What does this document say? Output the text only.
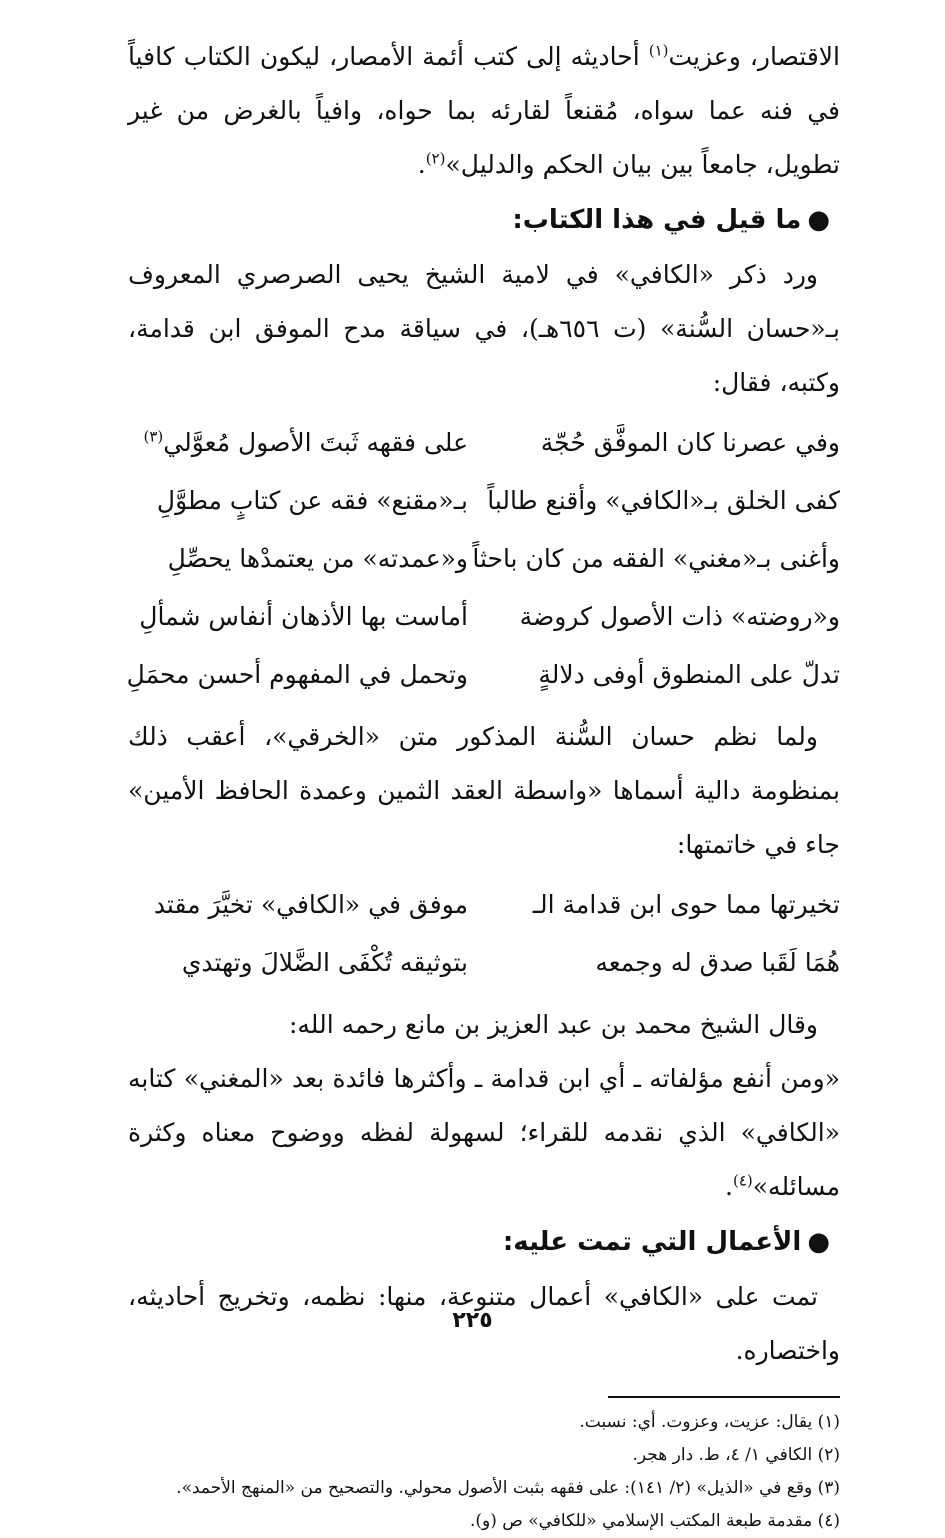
الاقتصار، وعزيت$^{(١)}$ أحاديثه إلى كتب أئمة الأمصار، ليكون الكتاب كافياً في فنه عما سواه، مُقنعاً لقارئه بما حواه، وافياً بالغرض من غير تطويل، جامعاً بين بيان الحكم والدليل»$^{(٢)}$.

●ما قيل في هذا الكتاب:

ورد ذكر «الكافي» في لامية الشيخ يحيى الصرصري المعروف بـ«حسان السُّنة» (ت ٦٥٦هـ)، في سياقة مدح الموفق ابن قدامة، وكتبه، فقال:

وفي عصرنا كان الموفَّق حُجّة
على فقهه ثَبتَ الأصول مُعوَّلي$^{(٣)}$
كفى الخلق بـ«الكافي» وأقنع طالباً
بـ«مقنع» فقه عن كتابٍ مطوَّلِ
وأغنى بـ«مغني» الفقه من كان باحثاً
و«عمدته» من يعتمدْها يحصِّلِ
و«روضته» ذات الأصول كروضة
أماست بها الأذهان أنفاس شمألِ
تدلّ على المنطوق أوفى دلالةٍ
وتحمل في المفهوم أحسن محمَلِ

ولما نظم حسان السُّنة المذكور متن «الخرقي»، أعقب ذلك بمنظومة دالية أسماها «واسطة العقد الثمين وعمدة الحافظ الأمين» جاء في خاتمتها:

تخيرتها مما حوى ابن قدامة الـ
موفق في «الكافي» تخيَّرَ مقتد
هُمَا لَقَبا صدق له وجمعه
بتوثيقه تُكْفَى الضَّلالَ وتهتدي

وقال الشيخ محمد بن عبد العزيز بن مانع رحمه الله:

«ومن أنفع مؤلفاته ـ أي ابن قدامة ـ وأكثرها فائدة بعد «المغني» كتابه «الكافي» الذي نقدمه للقراء؛ لسهولة لفظه ووضوح معناه وكثرة مسائله»$^{(٤)}$.

●الأعمال التي تمت عليه:

تمت على «الكافي» أعمال متنوعة، منها: نظمه، وتخريج أحاديثه، واختصاره.

(١) يقال: عزيت، وعزوت. أي: نسبت.

(٢) الكافي ١/ ٤، ط. دار هجر.

(٣) وقع في «الذيل» (٢/ ١٤١): على فقهه بثبت الأصول محولي. والتصحيح من «المنهج الأحمد».

(٤) مقدمة طبعة المكتب الإسلامي «للكافي» ص (و).

٢٢٥
